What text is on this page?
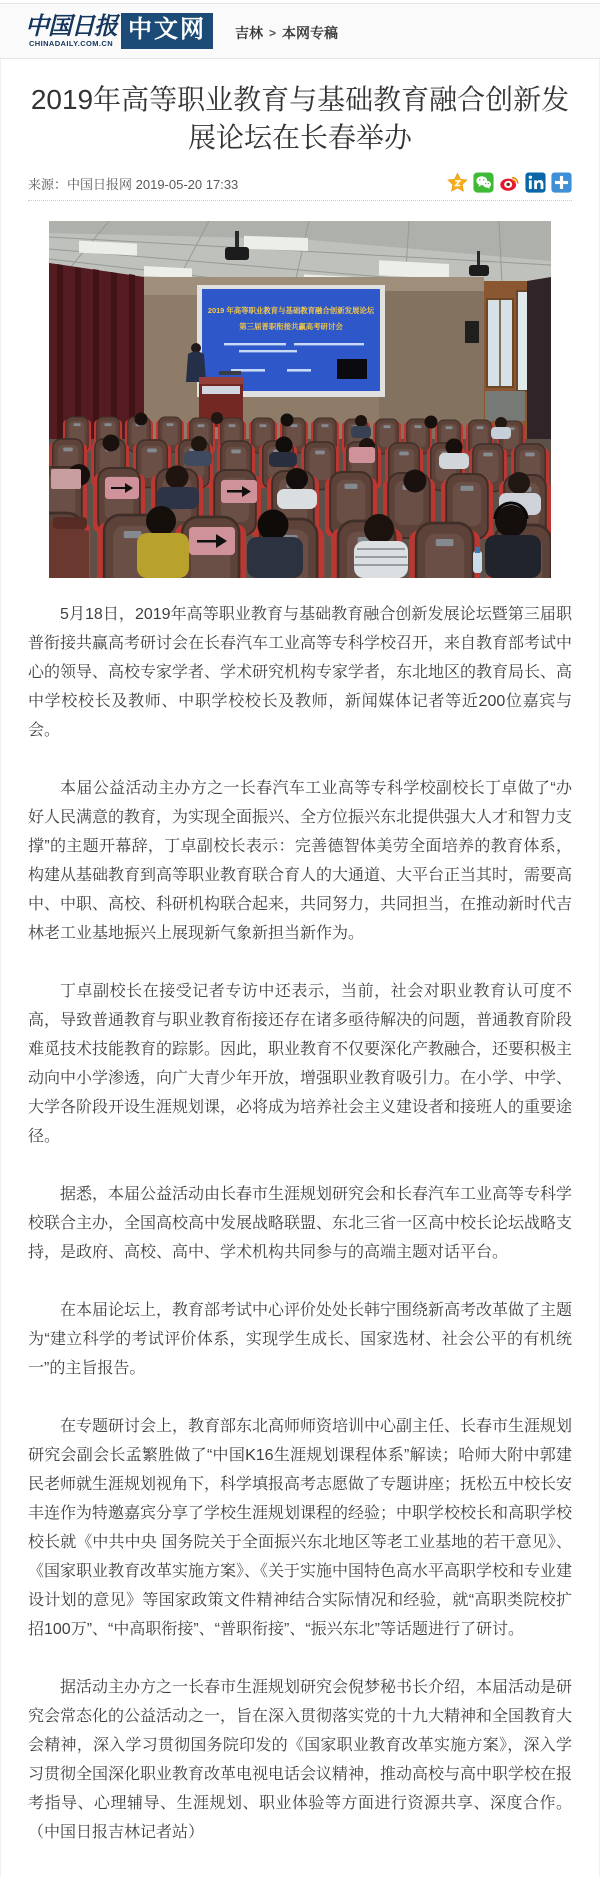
中国日报
CHINADAILY.COM.CN 中文网	吉林 > 本网专稿
2019年高等职业教育与基础教育融合创新发展论坛在长春举办
来源：中国日报网 2019-05-20 17:33
2019 年高等职业教育与基础教育融合创新发展论坛
第三届普职衔接共赢高考研讨会

5月18日，2019年高等职业教育与基础教育融合创新发展论坛暨第三届职普衔接共赢高考研讨会在长春汽车工业高等专科学校召开，来自教育部考试中心的领导、高校专家学者、学术研究机构专家学者，东北地区的教育局长、高中学校校长及教师、中职学校校长及教师，新闻媒体记者等近200位嘉宾与会。

本届公益活动主办方之一长春汽车工业高等专科学校副校长丁卓做了“办好人民满意的教育，为实现全面振兴、全方位振兴东北提供强大人才和智力支撑”的主题开幕辞，丁卓副校长表示：完善德智体美劳全面培养的教育体系，构建从基础教育到高等职业教育联合育人的大通道、大平台正当其时，需要高中、中职、高校、科研机构联合起来，共同努力，共同担当，在推动新时代吉林老工业基地振兴上展现新气象新担当新作为。

丁卓副校长在接受记者专访中还表示，当前，社会对职业教育认可度不高，导致普通教育与职业教育衔接还存在诸多亟待解决的问题，普通教育阶段难觅技术技能教育的踪影。因此，职业教育不仅要深化产教融合，还要积极主动向中小学渗透，向广大青少年开放，增强职业教育吸引力。在小学、中学、大学各阶段开设生涯规划课，必将成为培养社会主义建设者和接班人的重要途径。

据悉，本届公益活动由长春市生涯规划研究会和长春汽车工业高等专科学校联合主办，全国高校高中发展战略联盟、东北三省一区高中校长论坛战略支持，是政府、高校、高中、学术机构共同参与的高端主题对话平台。

在本届论坛上，教育部考试中心评价处处长韩宁围绕新高考改革做了主题为“建立科学的考试评价体系，实现学生成长、国家选材、社会公平的有机统一”的主旨报告。

在专题研讨会上，教育部东北高师师资培训中心副主任、长春市生涯规划研究会副会长孟繁胜做了“中国K16生涯规划课程体系”解读；哈师大附中郭建民老师就生涯规划视角下，科学填报高考志愿做了专题讲座；抚松五中校长安丰连作为特邀嘉宾分享了学校生涯规划课程的经验；中职学校校长和高职学校校长就《中共中央 国务院关于全面振兴东北地区等老工业基地的若干意见》、《国家职业教育改革实施方案》、《关于实施中国特色高水平高职学校和专业建设计划的意见》等国家政策文件精神结合实际情况和经验，就“高职类院校扩招100万”、“中高职衔接”、“普职衔接”、“振兴东北”等话题进行了研讨。

据活动主办方之一长春市生涯规划研究会倪梦秘书长介绍，本届活动是研究会常态化的公益活动之一，旨在深入贯彻落实党的十九大精神和全国教育大会精神，深入学习贯彻国务院印发的《国家职业教育改革实施方案》，深入学习贯彻全国深化职业教育改革电视电话会议精神，推动高校与高中职学校在报考指导、心理辅导、生涯规划、职业体验等方面进行资源共享、深度合作。（中国日报吉林记者站）
